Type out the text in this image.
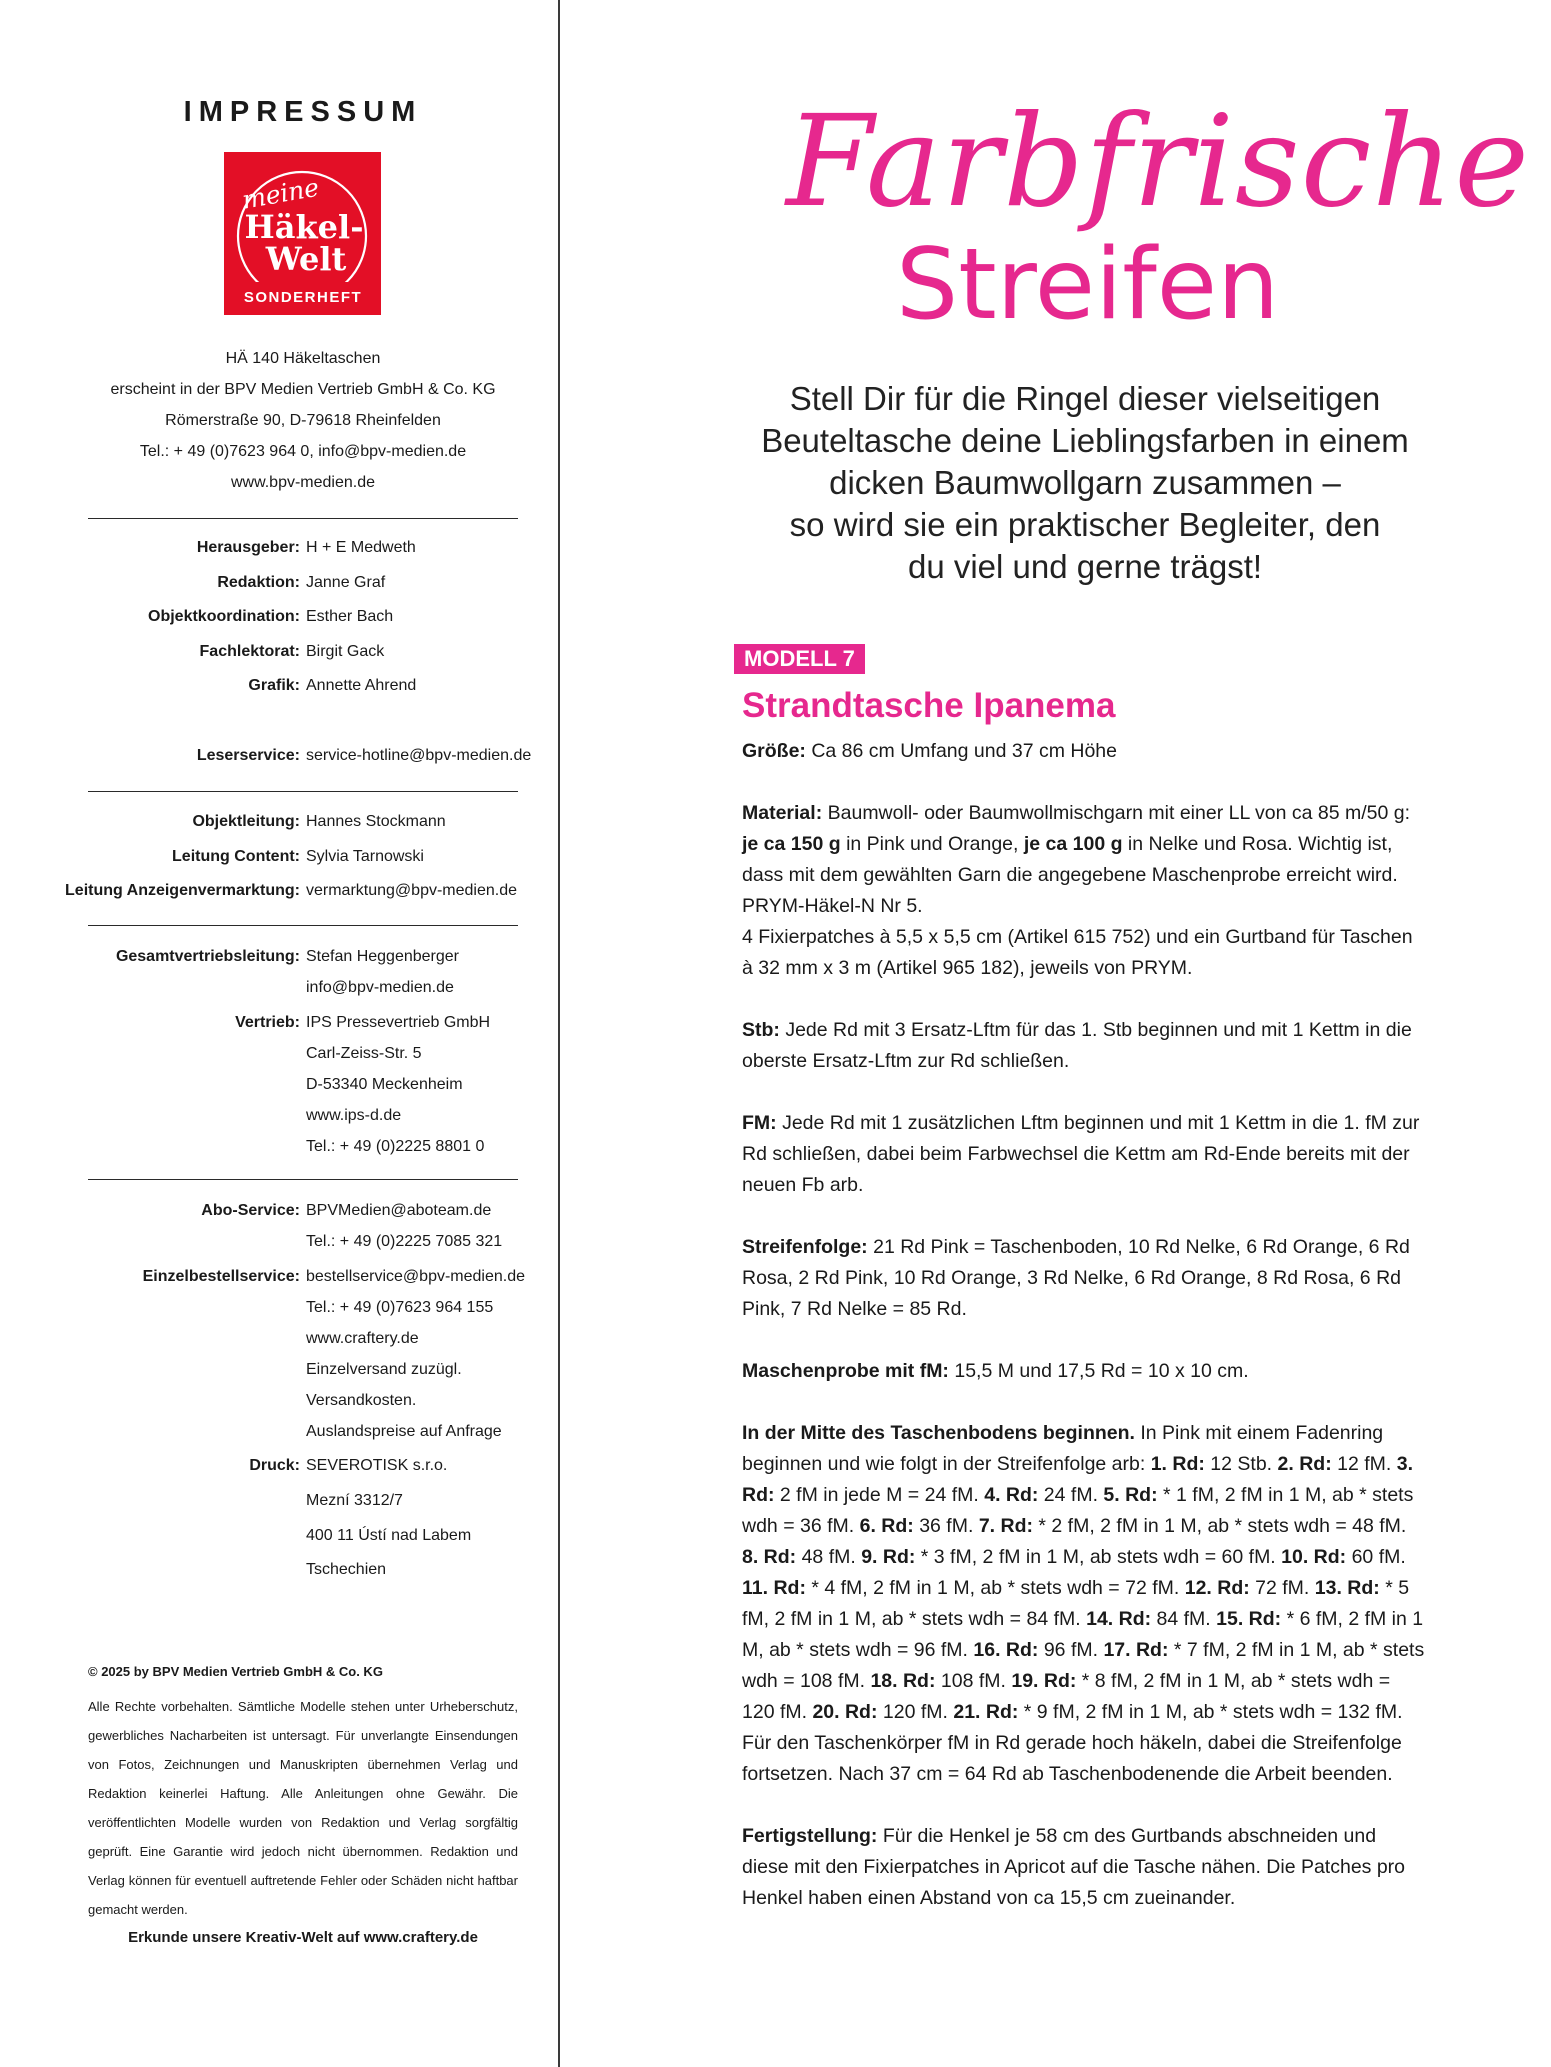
IMPRESSUM
meine
Häkel-
Welt
SONDERHEFT
HÄ 140 Häkeltaschen
erscheint in der BPV Medien Vertrieb GmbH & Co. KG
Römerstraße 90, D-79618 Rheinfelden
Tel.: + 49 (0)7623 964 0, info@bpv-medien.de
www.bpv-medien.de
Herausgeber: H + E Medweth
Redaktion: Janne Graf
Objektkoordination: Esther Bach
Fachlektorat: Birgit Gack
Grafik: Annette Ahrend
Leserservice: service-hotline@bpv-medien.de
Objektleitung: Hannes Stockmann
Leitung Content: Sylvia Tarnowski
Leitung Anzeigenvermarktung: vermarktung@bpv-medien.de
Gesamtvertriebsleitung: Stefan Heggenberger
info@bpv-medien.de
Vertrieb: IPS Pressevertrieb GmbH
Carl-Zeiss-Str. 5
D-53340 Meckenheim
www.ips-d.de
Tel.: + 49 (0)2225 8801 0
Abo-Service: BPVMedien@aboteam.de
Tel.: + 49 (0)2225 7085 321
Einzelbestellservice: bestellservice@bpv-medien.de
Tel.: + 49 (0)7623 964 155
www.craftery.de
Einzelversand zuzügl.
Versandkosten.
Auslandspreise auf Anfrage
Druck: SEVEROTISK s.r.o.
Mezní 3312/7
400 11 Ústí nad Labem
Tschechien
© 2025 by BPV Medien Vertrieb GmbH & Co. KG
Alle Rechte vorbehalten. Sämtliche Modelle stehen unter Urheberschutz, gewerbliches Nacharbeiten ist untersagt. Für unverlangte Einsendungen von Fotos, Zeichnungen und Manuskripten übernehmen Verlag und Redaktion keinerlei Haftung. Alle Anleitungen ohne Gewähr. Die veröffentlichten Modelle wurden von Redaktion und Verlag sorgfältig geprüft. Eine Garantie wird jedoch nicht übernommen. Redaktion und Verlag können für eventuell auftretende Fehler oder Schäden nicht haftbar gemacht werden.
Erkunde unsere Kreativ-Welt auf www.craftery.de
Farbfrische
Streifen
Stell Dir für die Ringel dieser vielseitigen
Beuteltasche deine Lieblingsfarben in einem
dicken Baumwollgarn zusammen –
so wird sie ein praktischer Begleiter, den
du viel und gerne trägst!
MODELL 7
Strandtasche Ipanema

Größe: Ca 86 cm Umfang und 37 cm Höhe

Material: Baumwoll- oder Baumwollmischgarn mit einer LL von ca 85 m/50 g: je ca 150 g in Pink und Orange, je ca 100 g in Nelke und Rosa. Wichtig ist, dass mit dem gewählten Garn die angegebene Maschenprobe erreicht wird. PRYM-Häkel-N Nr 5.
4 Fixierpatches à 5,5 x 5,5 cm (Artikel 615 752) und ein Gurtband für Taschen à 32 mm x 3 m (Artikel 965 182), jeweils von PRYM.

Stb: Jede Rd mit 3 Ersatz-Lftm für das 1. Stb beginnen und mit 1 Kettm in die oberste Ersatz-Lftm zur Rd schließen.

FM: Jede Rd mit 1 zusätzlichen Lftm beginnen und mit 1 Kettm in die 1. fM zur Rd schließen, dabei beim Farbwechsel die Kettm am Rd-Ende bereits mit der neuen Fb arb.

Streifenfolge: 21 Rd Pink = Taschenboden, 10 Rd Nelke, 6 Rd Orange, 6 Rd Rosa, 2 Rd Pink, 10 Rd Orange, 3 Rd Nelke, 6 Rd Orange, 8 Rd Rosa, 6 Rd Pink, 7 Rd Nelke = 85 Rd.

Maschenprobe mit fM: 15,5 M und 17,5 Rd = 10 x 10 cm.

In der Mitte des Taschenbodens beginnen. In Pink mit einem Fadenring beginnen und wie folgt in der Streifenfolge arb: 1. Rd: 12 Stb. 2. Rd: 12 fM. 3. Rd: 2 fM in jede M = 24 fM. 4. Rd: 24 fM. 5. Rd: * 1 fM, 2 fM in 1 M, ab * stets wdh = 36 fM. 6. Rd: 36 fM. 7. Rd: * 2 fM, 2 fM in 1 M, ab * stets wdh = 48 fM. 8. Rd: 48 fM. 9. Rd: * 3 fM, 2 fM in 1 M, ab stets wdh = 60 fM. 10. Rd: 60 fM. 11. Rd: * 4 fM, 2 fM in 1 M, ab * stets wdh = 72 fM. 12. Rd: 72 fM. 13. Rd: * 5 fM, 2 fM in 1 M, ab * stets wdh = 84 fM. 14. Rd: 84 fM. 15. Rd: * 6 fM, 2 fM in 1 M, ab * stets wdh = 96 fM. 16. Rd: 96 fM. 17. Rd: * 7 fM, 2 fM in 1 M, ab * stets wdh = 108 fM. 18. Rd: 108 fM. 19. Rd: * 8 fM, 2 fM in 1 M, ab * stets wdh = 120 fM. 20. Rd: 120 fM. 21. Rd: * 9 fM, 2 fM in 1 M, ab * stets wdh = 132 fM. Für den Taschenkörper fM in Rd gerade hoch häkeln, dabei die Streifenfolge fortsetzen. Nach 37 cm = 64 Rd ab Taschenbodenende die Arbeit beenden.

Fertigstellung: Für die Henkel je 58 cm des Gurtbands abschneiden und diese mit den Fixierpatches in Apricot auf die Tasche nähen. Die Patches pro Henkel haben einen Abstand von ca 15,5 cm zueinander.
